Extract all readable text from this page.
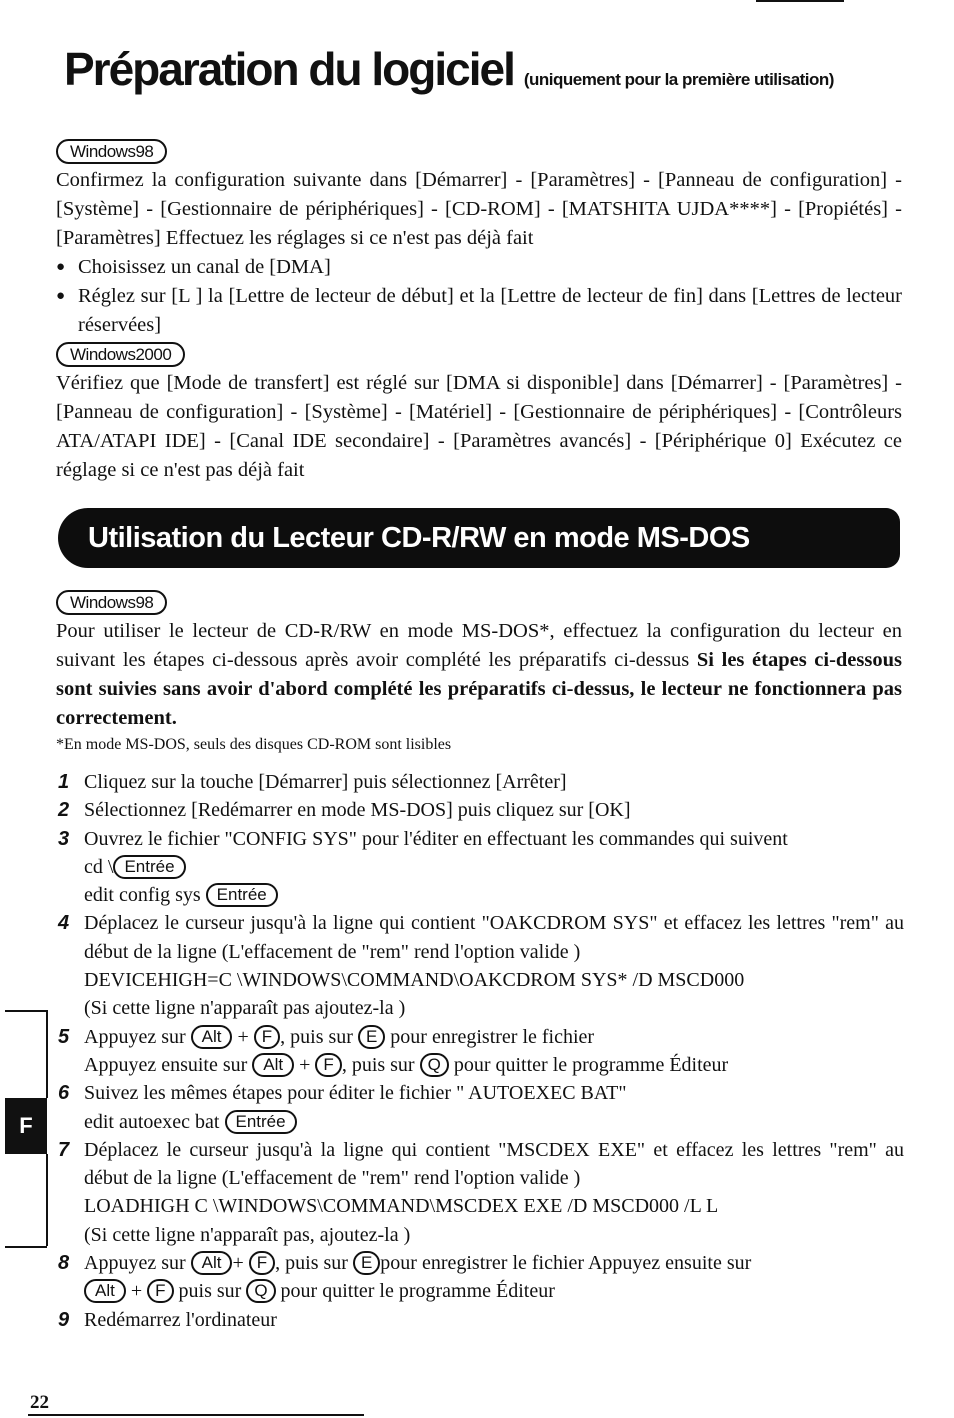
Préparation du logiciel (uniquement pour la première utilisation)
Windows98

Confirmez la configuration suivante dans [Démarrer] - [Paramètres] - [Panneau de configuration] - [Système] - [Gestionnaire de périphériques] - [CD-ROM] - [MATSHITA UJDA****] - [Propiétés] - [Paramètres] Effectuez les réglages si ce n'est pas déjà fait

● Choisissez un canal de [DMA]
● Réglez sur [L ] la [Lettre de lecteur de début] et la [Lettre de lecteur de fin] dans [Lettres de lecteur réservées]
Windows2000

Vérifiez que [Mode de transfert] est réglé sur [DMA si disponible] dans [Démarrer] - [Paramètres] - [Panneau de configuration] - [Système] - [Matériel] - [Gestionnaire de périphériques] - [Contrôleurs ATA/ATAPI IDE] - [Canal IDE secondaire] - [Paramètres avancés] - [Périphérique 0] Exécutez ce réglage si ce n'est pas déjà fait

Utilisation du Lecteur CD-R/RW en mode MS-DOS
Windows98

Pour utiliser le lecteur de CD-R/RW en mode MS-DOS*, effectuez la configuration du lecteur en suivant les étapes ci-dessous après avoir complété les préparatifs ci-dessus Si les étapes ci-dessous sont suivies sans avoir d'abord complété les préparatifs ci-dessus, le lecteur ne fonctionnera pas correctement.

*En mode MS-DOS, seuls des disques CD-ROM sont lisibles

1 Cliquez sur la touche [Démarrer] puis sélectionnez [Arrêter]
2 Sélectionnez [Redémarrer en mode MS-DOS] puis cliquez sur [OK]
3 Ouvrez le fichier "CONFIG SYS" pour l'éditer en effectuant les commandes qui suivent
cd \ Entrée
edit config sys Entrée
4 Déplacez le curseur jusqu'à la ligne qui contient "OAKCDROM SYS" et effacez les lettres "rem" au début de la ligne (L'effacement de "rem" rend l'option valide )
DEVICEHIGH=C \WINDOWS\COMMAND\OAKCDROM SYS* /D MSCD000
(Si cette ligne n'apparaît pas ajoutez-la )
5 Appuyez sur Alt + F , puis sur E pour enregistrer le fichier
Appuyez ensuite sur Alt + F , puis sur Q pour quitter le programme Éditeur
6 Suivez les mêmes étapes pour éditer le fichier " AUTOEXEC BAT"
edit autoexec bat Entrée
7 Déplacez le curseur jusqu'à la ligne qui contient "MSCDEX EXE" et effacez les lettres "rem" au début de la ligne (L'effacement de "rem" rend l'option valide )
LOADHIGH C \WINDOWS\COMMAND\MSCDEX EXE /D MSCD000 /L L
(Si cette ligne n'apparaît pas, ajoutez-la )
8 Appuyez sur Alt + F , puis sur E pour enregistrer le fichier Appuyez ensuite sur
Alt + F puis sur Q pour quitter le programme Éditeur
9 Redémarrez l'ordinateur
F
22
